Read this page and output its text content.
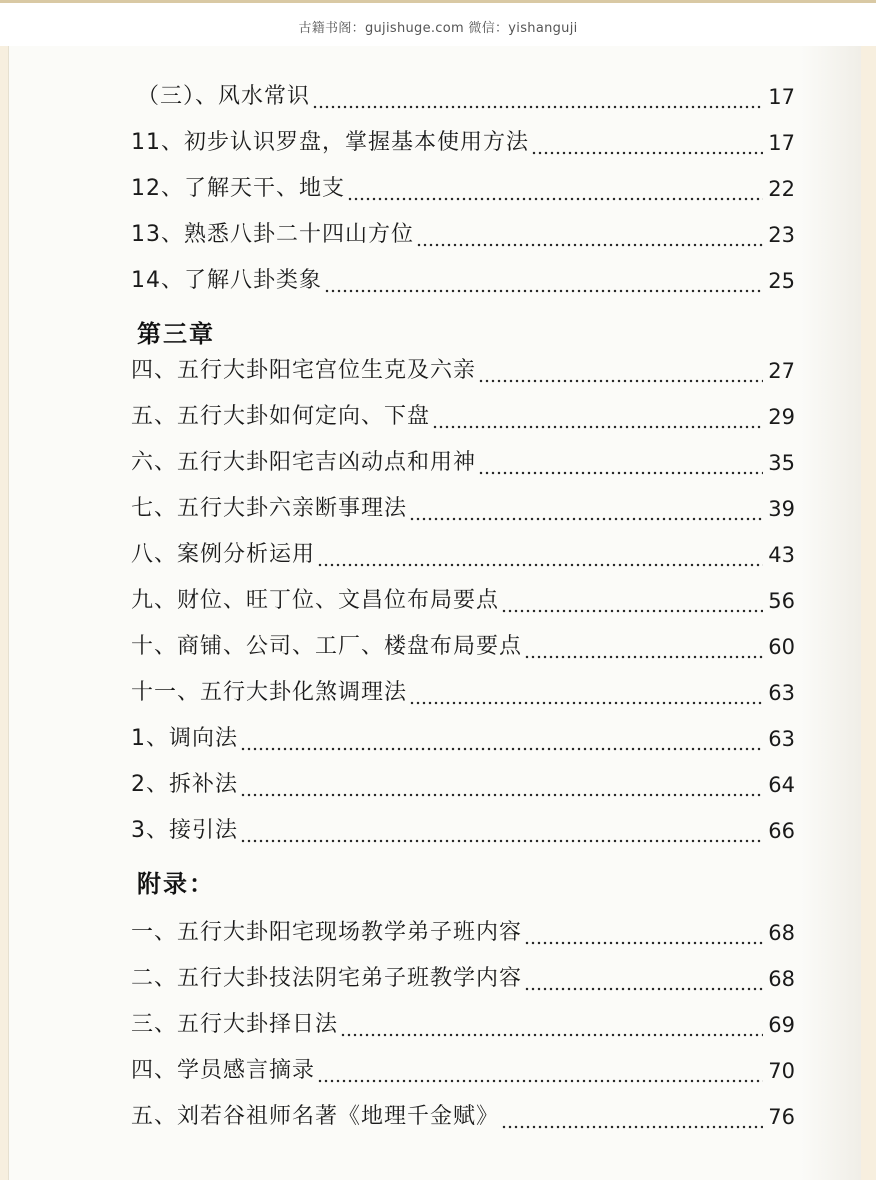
古籍书阁：gujishuge.com 微信：yishanguji
（三）、风水常识	17
11、初步认识罗盘，掌握基本使用方法	17
12、了解天干、地支	22
13、熟悉八卦二十四山方位	23
14、了解八卦类象	25
第三章
四、五行大卦阳宅宫位生克及六亲	27
五、五行大卦如何定向、下盘	29
六、五行大卦阳宅吉凶动点和用神	35
七、五行大卦六亲断事理法	39
八、案例分析运用	43
九、财位、旺丁位、文昌位布局要点	56
十、商铺、公司、工厂、楼盘布局要点	60
十一、五行大卦化煞调理法	63
1、调向法	63
2、拆补法	64
3、接引法	66
附录：
一、五行大卦阳宅现场教学弟子班内容	68
二、五行大卦技法阴宅弟子班教学内容	68
三、五行大卦择日法	69
四、学员感言摘录	70
五、刘若谷祖师名著《地理千金赋》	76
